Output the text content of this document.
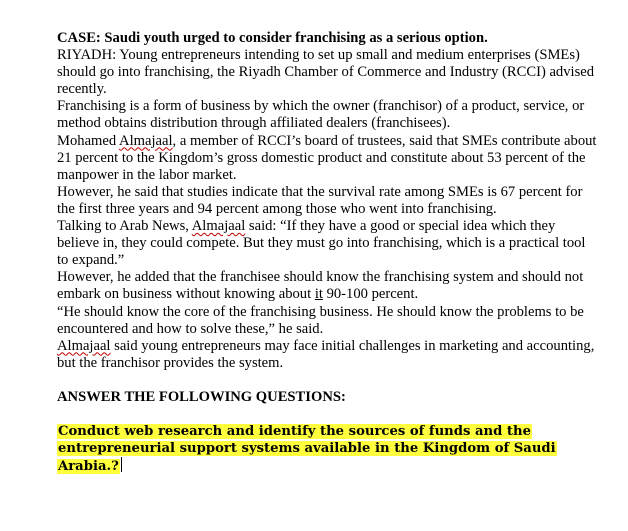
CASE: Saudi youth urged to consider franchising as a serious option.

RIYADH: Young entrepreneurs intending to set up small and medium enterprises (SMEs) should go into franchising, the Riyadh Chamber of Commerce and Industry (RCCI) advised recently.

Franchising is a form of business by which the owner (franchisor) of a product, service, or method obtains distribution through affiliated dealers (franchisees).

Mohamed Almajaal, a member of RCCI’s board of trustees, said that SMEs contribute about 21 percent to the Kingdom’s gross domestic product and constitute about 53 percent of the manpower in the labor market.

However, he said that studies indicate that the survival rate among SMEs is 67 percent for the first three years and 94 percent among those who went into franchising.

Talking to Arab News, Almajaal said: “If they have a good or special idea which they believe in, they could compete. But they must go into franchising, which is a practical tool to expand.”

However, he added that the franchisee should know the franchising system and should not embark on business without knowing about it 90-100 percent.

“He should know the core of the franchising business. He should know the problems to be encountered and how to solve these,” he said.

Almajaal said young entrepreneurs may face initial challenges in marketing and accounting, but the franchisor provides the system.

ANSWER THE FOLLOWING QUESTIONS:

Conduct web research and identify the sources of funds and the entrepreneurial support systems available in the Kingdom of Saudi Arabia.?
